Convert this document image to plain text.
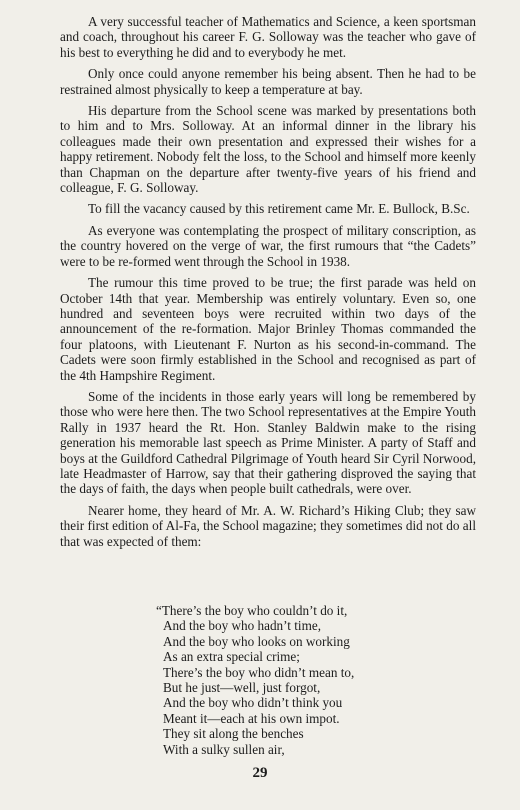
A very successful teacher of Mathematics and Science, a keen sportsman and coach, throughout his career F. G. Solloway was the teacher who gave of his best to everything he did and to everybody he met.

Only once could anyone remember his being absent. Then he had to be restrained almost physically to keep a temperature at bay.

His departure from the School scene was marked by presentations both to him and to Mrs. Solloway. At an informal dinner in the library his colleagues made their own presentation and expressed their wishes for a happy retirement. Nobody felt the loss, to the School and himself more keenly than Chapman on the departure after twenty-five years of his friend and colleague, F. G. Solloway.

To fill the vacancy caused by this retirement came Mr. E. Bullock, B.Sc.

As everyone was contemplating the prospect of military conscription, as the country hovered on the verge of war, the first rumours that “the Cadets” were to be re-formed went through the School in 1938.

The rumour this time proved to be true; the first parade was held on October 14th that year. Membership was entirely voluntary. Even so, one hundred and seventeen boys were recruited within two days of the announcement of the re-formation. Major Brinley Thomas commanded the four platoons, with Lieutenant F. Nurton as his second-in-command. The Cadets were soon firmly established in the School and recognised as part of the 4th Hampshire Regiment.

Some of the incidents in those early years will long be remembered by those who were here then. The two School representatives at the Empire Youth Rally in 1937 heard the Rt. Hon. Stanley Baldwin make to the rising generation his memorable last speech as Prime Minister. A party of Staff and boys at the Guildford Cathedral Pilgrimage of Youth heard Sir Cyril Norwood, late Headmaster of Harrow, say that their gathering disproved the saying that the days of faith, the days when people built cathedrals, were over.

Nearer home, they heard of Mr. A. W. Richard’s Hiking Club; they saw their first edition of Al-Fa, the School magazine; they sometimes did not do all that was expected of them:

“There’s the boy who couldn’t do it,
And the boy who hadn’t time,
And the boy who looks on working
As an extra special crime;
There’s the boy who didn’t mean to,
But he just—well, just forgot,
And the boy who didn’t think you
Meant it—each at his own impot.
They sit along the benches
With a sulky sullen air,
29
